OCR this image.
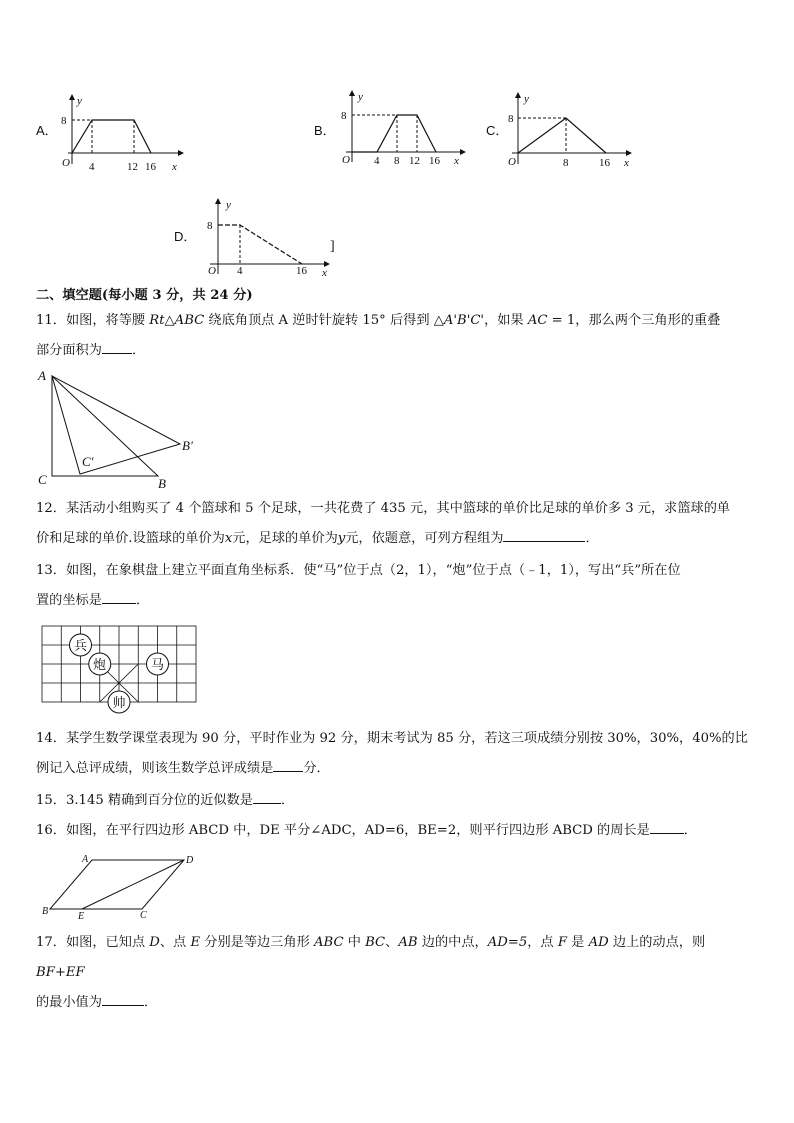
A．
y
8
O 4	12 16 x
B．
y
8
O 4 8 12 16 x
C．
y
8
O	8	16 x
D．
y
8
O 4	16 x
]
二、填空题(每小题 3 分，共 24 分)
11．如图，将等腰 Rt△ABC 绕底角顶点 A 逆时针旋转 15° 后得到 △A'B'C'，如果 AC = 1，那么两个三角形的重叠
部分面积为 ．
A
C	B
B'
C'
12．某活动小组购买了 4 个篮球和 5 个足球，一共花费了 435 元，其中篮球的单价比足球的单价多 3 元，求篮球的单
价和足球的单价.设篮球的单价为x元，足球的单价为y元，依题意，可列方程组为	．
13．如图，在象棋盘上建立平面直角坐标系．使“马”位于点（2，1），“炮”位于点（﹣1，1），写出“兵”所在位
置的坐标是	．
兵
炮	马
帅
14．某学生数学课堂表现为 90 分，平时作业为 92 分，期末考试为 85 分，若这三项成绩分别按 30%，30%，40%的比
例记入总评成绩，则该生数学总评成绩是 分．
15．3.145 精确到百分位的近似数是 ．
16．如图，在平行四边形 ABCD 中，DE 平分∠ADC，AD=6，BE=2，则平行四边形 ABCD 的周长是	．
A	D
B	E	C
17．如图，已知点 D、点 E 分别是等边三角形 ABC 中 BC、AB 边的中点，AD=5，点 F 是 AD 边上的动点，则 BF+EF
的最小值为	．
